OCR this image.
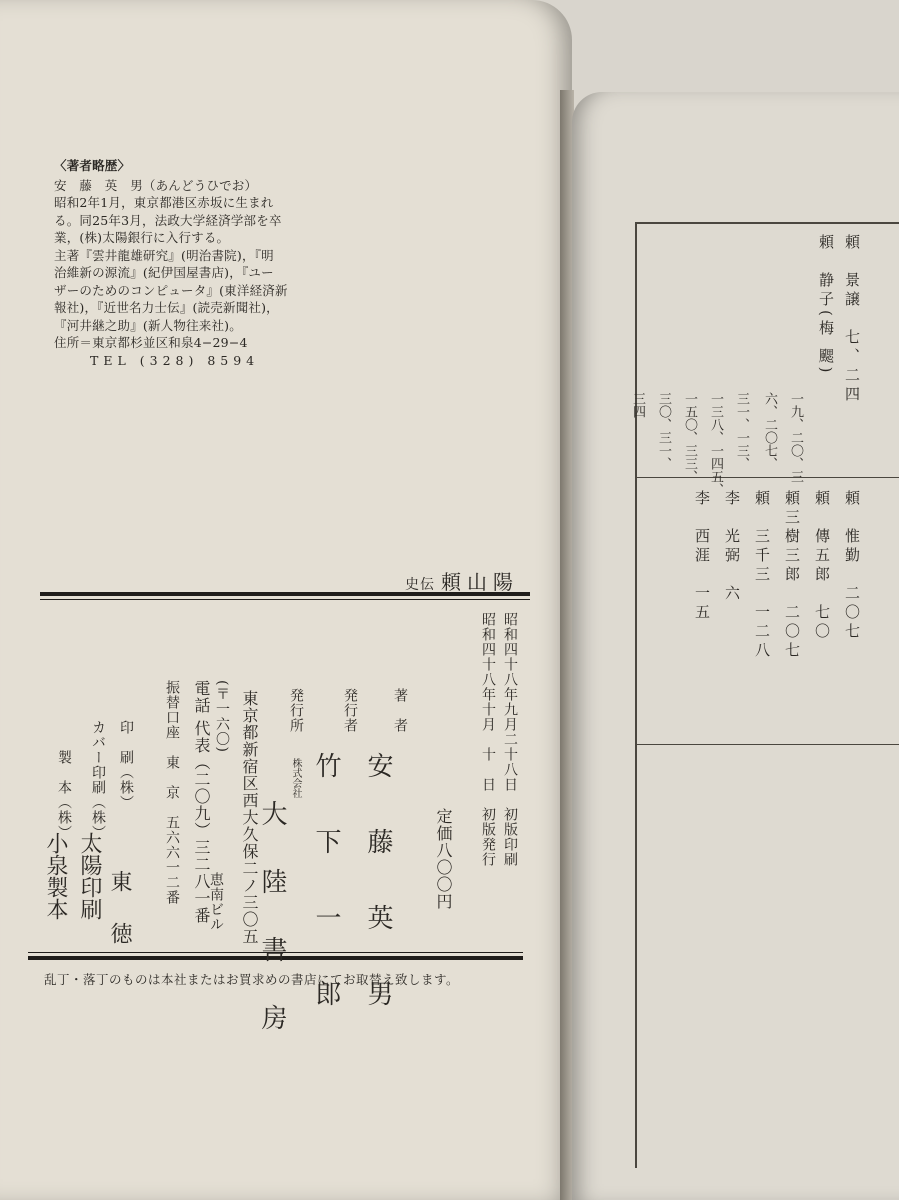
〈著者略歴〉
安　藤　英　男（あんどうひでお）
昭和2年1月，東京都港区赤坂に生まれ
る。同25年3月，法政大学経済学部を卒
業，(株)太陽銀行に入行する。
主著『雲井龍雄研究』(明治書院)，『明
治維新の源流』(紀伊国屋書店)，『ユー
ザーのためのコンピュータ』(東洋経済新
報社)，『近世名力士伝』(読売新聞社)，
『河井継之助』(新人物往来社)。
住所＝東京都杉並区和泉4−29−4
TEL (328) 8594
史伝 頼山陽
昭和四十八年九月二十八日　初版印刷
昭和四十八年十月　十　日　初版発行
定価八〇〇円
著　者
安　藤　英　男
発行者
竹　下　一　郎
発行所
株式会社
大　陸　書　房
東京都新宿区西大久保二ノ三〇五
恵南ビル
(〒一六〇)
電話 代表（二〇九）三二八一番
振替口座　東　京　五六六一二番
印　刷（株）
東　徳
カバー印刷（株）
太陽印刷
製　本（株）
小泉製本
乱丁・落丁のものは本社またはお買求めの書店にてお取替え致します。
頼　景譲　七、二四
頼　静子(梅 颸)
一九、二〇、三
六、二〇七、
三一、一三、
一三八、一四五、
一五〇、三三、
三〇、三一、
三四
頼　惟勤　二〇七
頼　傳五郎　七〇
頼三樹三郎　二〇七
頼　三千三　一二八
李　光弼　六
李　西涯　一五
